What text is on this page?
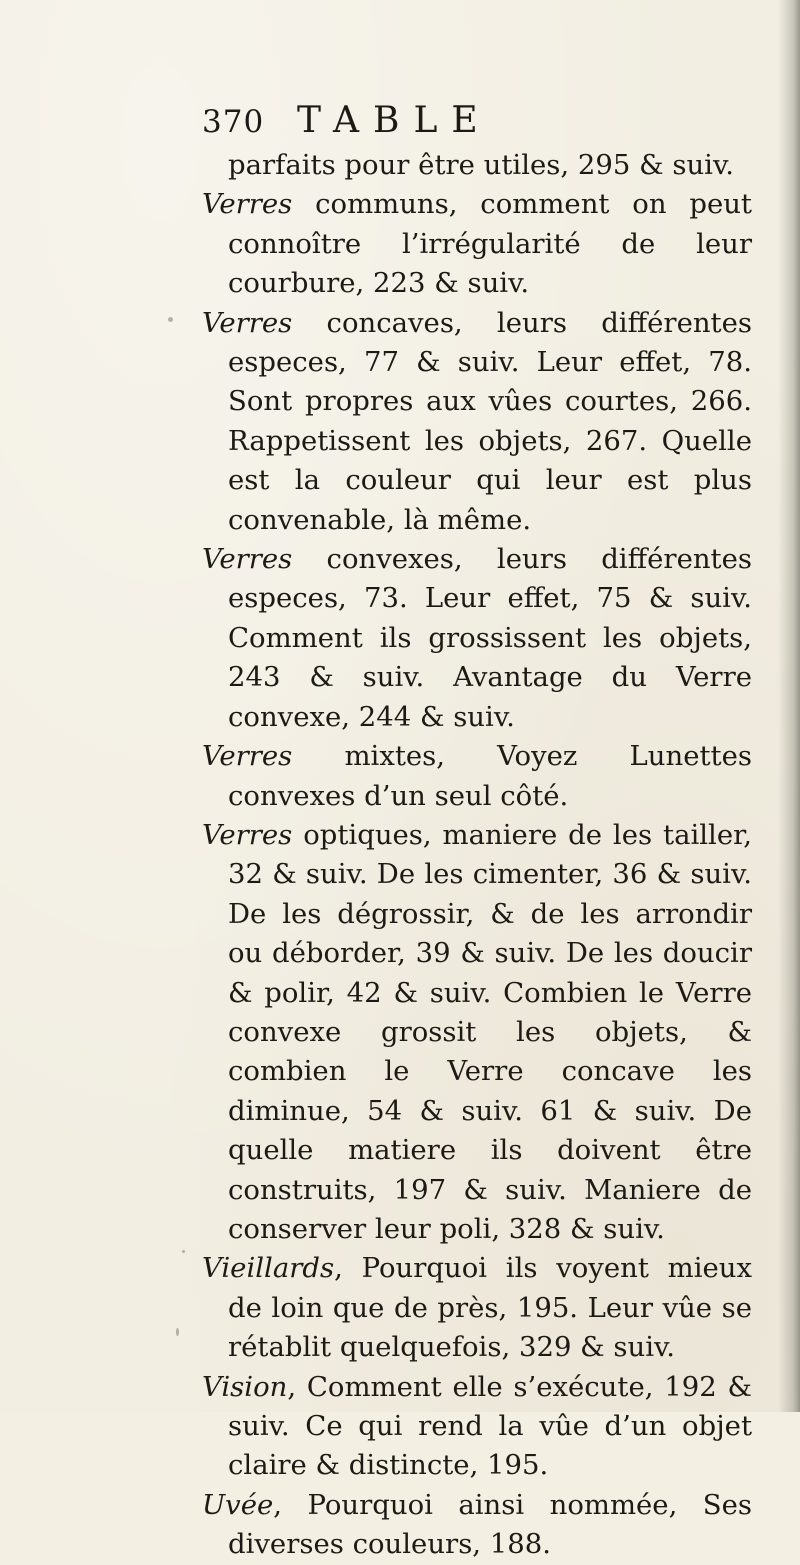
370 TABLE

parfaits pour être utiles, 295 & suiv.

Verres communs, comment on peut connoître l’irrégularité de leur courbure, 223 & suiv.

Verres concaves, leurs différentes especes, 77 & suiv. Leur effet, 78. Sont propres aux vûes courtes, 266. Rappetissent les objets, 267. Quelle est la couleur qui leur est plus convenable, là même.

Verres convexes, leurs différentes especes, 73. Leur effet, 75 & suiv. Comment ils grossissent les objets, 243 & suiv. Avantage du Verre convexe, 244 & suiv.

Verres mixtes, Voyez Lunettes convexes d’un seul côté.

Verres optiques, maniere de les tailler, 32 & suiv. De les cimenter, 36 & suiv. De les dégrossir, & de les arrondir ou déborder, 39 & suiv. De les doucir & polir, 42 & suiv. Combien le Verre convexe grossit les objets, & combien le Verre concave les diminue, 54 & suiv. 61 & suiv. De quelle matiere ils doivent être construits, 197 & suiv. Maniere de conserver leur poli, 328 & suiv.

Vieillards, Pourquoi ils voyent mieux de loin que de près, 195. Leur vûe se rétablit quelquefois, 329 & suiv.

Vision, Comment elle s’exécute, 192 & suiv. Ce qui rend la vûe d’un objet claire & distincte, 195.

Uvée, Pourquoi ainsi nommée, Ses diverses couleurs, 188.
